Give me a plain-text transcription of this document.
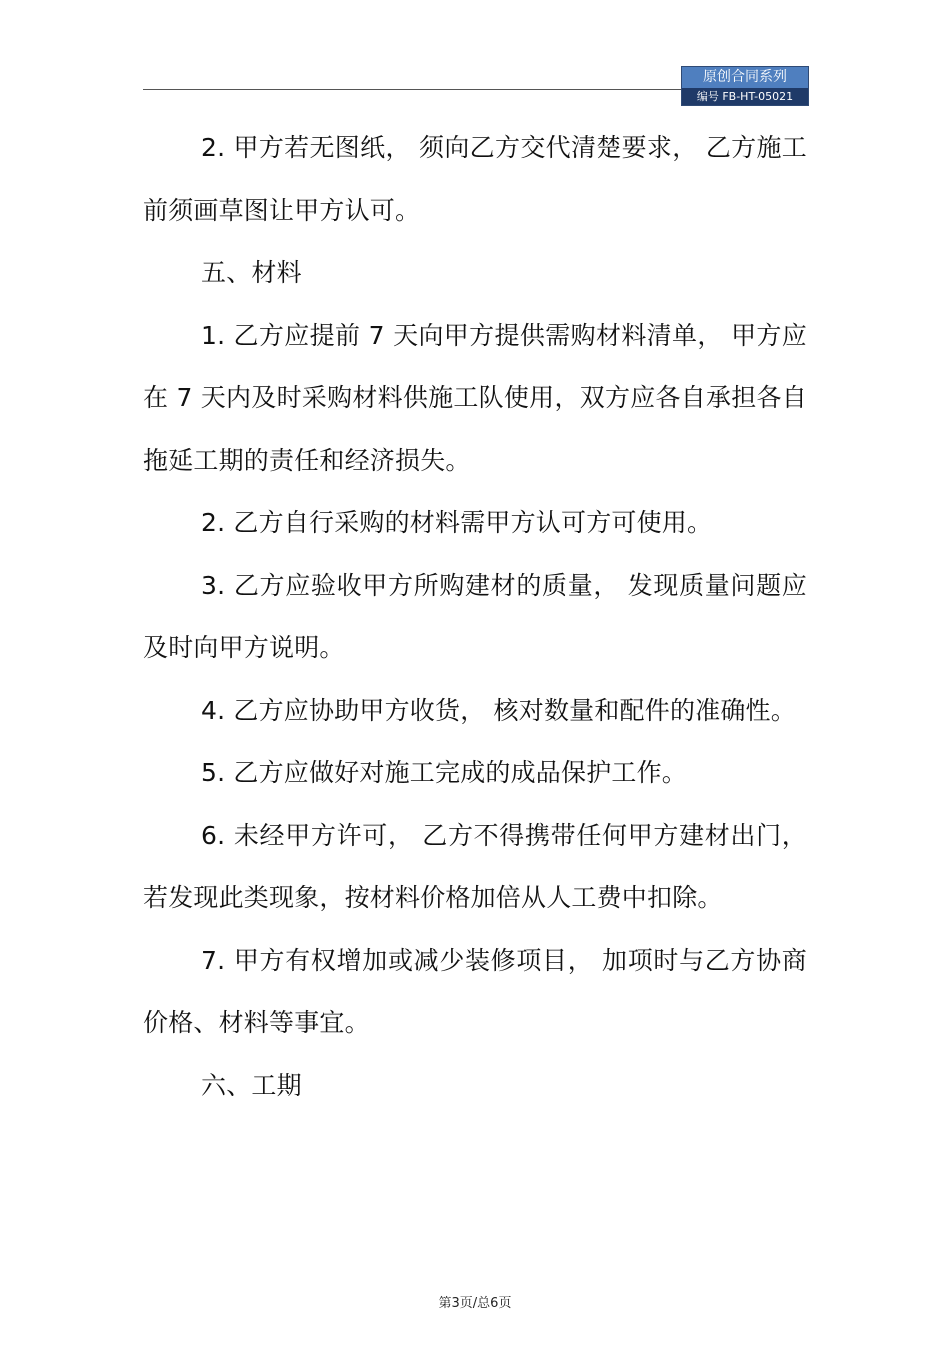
原创合同系列
编号 FB-HT-05021

2. 甲方若无图纸， 须向乙方交代清楚要求， 乙方施工前须画草图让甲方认可。

五、材料

1. 乙方应提前 7 天向甲方提供需购材料清单， 甲方应在 7 天内及时采购材料供施工队使用，双方应各自承担各自拖延工期的责任和经济损失。

2. 乙方自行采购的材料需甲方认可方可使用。

3. 乙方应验收甲方所购建材的质量， 发现质量问题应及时向甲方说明。

4. 乙方应协助甲方收货， 核对数量和配件的准确性。

5. 乙方应做好对施工完成的成品保护工作。

6. 未经甲方许可， 乙方不得携带任何甲方建材出门，若发现此类现象，按材料价格加倍从人工费中扣除。

7. 甲方有权增加或减少装修项目， 加项时与乙方协商价格、材料等事宜。

六、工期

第3页/总6页
